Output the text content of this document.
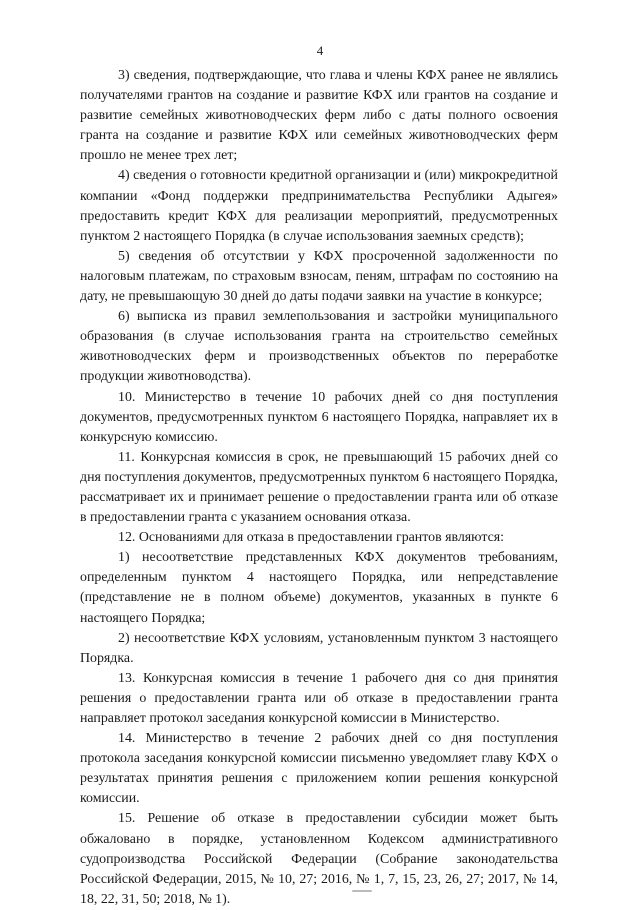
4

3) сведения, подтверждающие, что глава и члены КФХ ранее не являлись получателями грантов на создание и развитие КФХ или грантов на создание и развитие семейных животноводческих ферм либо с даты полного освоения гранта на создание и развитие КФХ или семейных животноводческих ферм прошло не менее трех лет;

4) сведения о готовности кредитной организации и (или) микрокредитной компании «Фонд поддержки предпринимательства Республики Адыгея» предоставить кредит КФХ для реализации мероприятий, предусмотренных пунктом 2 настоящего Порядка (в случае использования заемных средств);

5) сведения об отсутствии у КФХ просроченной задолженности по налоговым платежам, по страховым взносам, пеням, штрафам по состоянию на дату, не превышающую 30 дней до даты подачи заявки на участие в конкурсе;

6) выписка из правил землепользования и застройки муниципального образования (в случае использования гранта на строительство семейных животноводческих ферм и производственных объектов по переработке продукции животноводства).

10. Министерство в течение 10 рабочих дней со дня поступления документов, предусмотренных пунктом 6 настоящего Порядка, направляет их в конкурсную комиссию.

11. Конкурсная комиссия в срок, не превышающий 15 рабочих дней со дня поступления документов, предусмотренных пунктом 6 настоящего Порядка, рассматривает их и принимает решение о предоставлении гранта или об отказе в предоставлении гранта с указанием основания отказа.

12. Основаниями для отказа в предоставлении грантов являются:

1) несоответствие представленных КФХ документов требованиям, определенным пунктом 4 настоящего Порядка, или непредставление (представление не в полном объеме) документов, указанных в пункте 6 настоящего Порядка;

2) несоответствие КФХ условиям, установленным пунктом 3 настоящего Порядка.

13. Конкурсная комиссия в течение 1 рабочего дня со дня принятия решения о предоставлении гранта или об отказе в предоставлении гранта направляет протокол заседания конкурсной комиссии в Министерство.

14. Министерство в течение 2 рабочих дней со дня поступления протокола заседания конкурсной комиссии письменно уведомляет главу КФХ о результатах принятия решения с приложением копии решения конкурсной комиссии.

15. Решение об отказе в предоставлении субсидии может быть обжаловано в порядке, установленном Кодексом административного судопроизводства Российской Федерации (Собрание законодательства Российской Федерации, 2015, № 10, 27; 2016, № 1, 7, 15, 23, 26, 27; 2017, № 14, 18, 22, 31, 50; 2018, № 1).
